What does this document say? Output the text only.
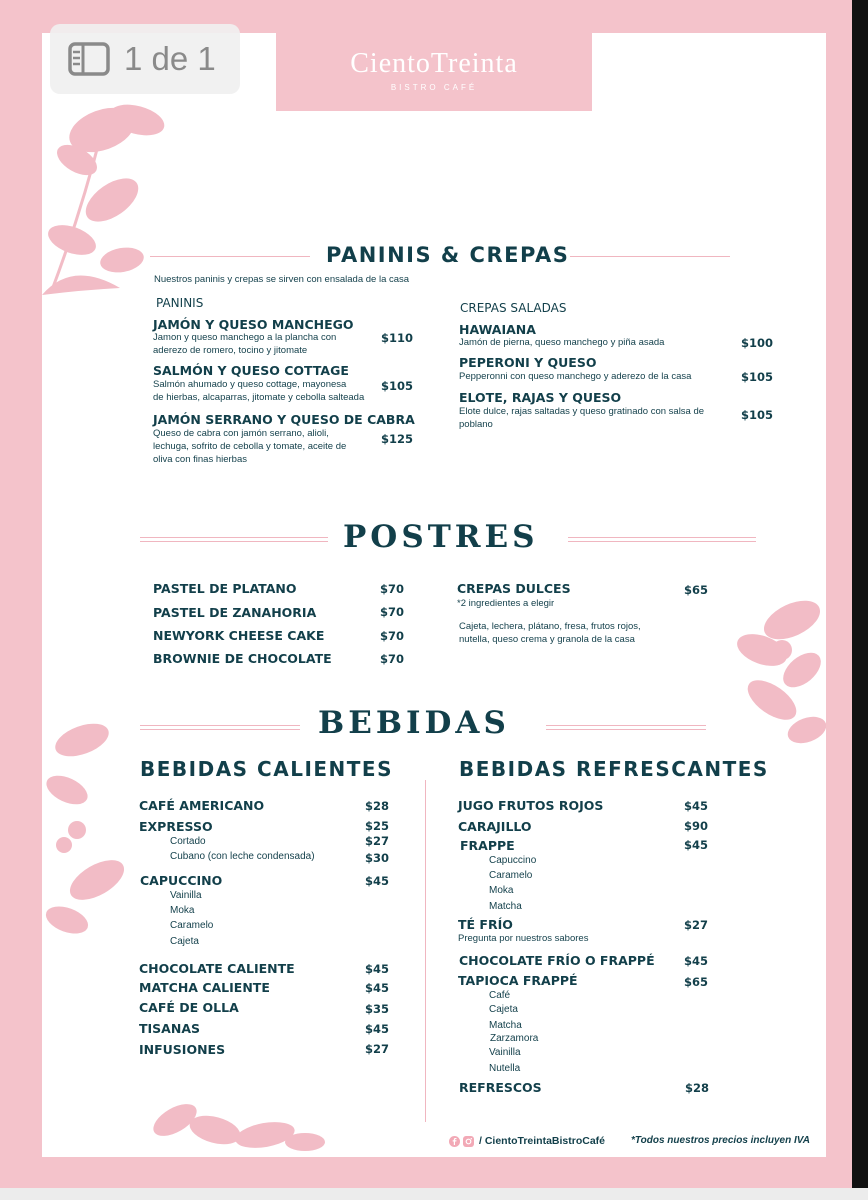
1 de 1	CientoTreinta
BISTRO CAFÉ
PANINIS & CREPAS
Nuestros paninis y crepas se sirven con ensalada de la casa
PANINIS
JAMÓN Y QUESO MANCHEGO
Jamon y queso manchego a la plancha con
aderezo de romero, tocino y jitomate
$110
SALMÓN Y QUESO COTTAGE
Salmón ahumado y queso cottage, mayonesa
de hierbas, alcaparras, jitomate y cebolla salteada
$105
JAMÓN SERRANO Y QUESO DE CABRA
Queso de cabra con jamón serrano, alioli,
lechuga, sofrito de cebolla y tomate, aceite de
oliva con finas hierbas
$125
CREPAS SALADAS
HAWAIANA
Jamón de pierna, queso manchego y piña asada	$100
PEPERONI Y QUESO
Pepperonni con queso manchego y aderezo de la casa	$105
ELOTE, RAJAS Y QUESO
Elote dulce, rajas saltadas y queso gratinado con salsa de
poblano
$105
POSTRES
PASTEL DE PLATANO	$70
PASTEL DE ZANAHORIA	$70
NEWYORK CHEESE CAKE	$70
BROWNIE DE CHOCOLATE	$70
CREPAS DULCES	$65
*2 ingredientes a elegir
Cajeta, lechera, plátano, fresa, frutos rojos,
nutella, queso crema y granola de la casa
BEBIDAS
BEBIDAS CALIENTES	BEBIDAS REFRESCANTES
CAFÉ AMERICANO	$28
EXPRESSO	$25
Cortado	$27
Cubano (con leche condensada)	$30
CAPUCCINO	$45
Vainilla
Moka
Caramelo
Cajeta
CHOCOLATE CALIENTE	$45
MATCHA CALIENTE	$45
CAFÉ DE OLLA	$35
TISANAS	$45
INFUSIONES	$27
JUGO FRUTOS ROJOS	$45
CARAJILLO	$90
FRAPPE	$45
Capuccino
Caramelo
Moka
Matcha
TÉ FRÍO	$27
Pregunta por nuestros sabores
CHOCOLATE FRÍO O FRAPPÉ	$45
TAPIOCA FRAPPÉ	$65
Café
Cajeta
Matcha
Zarzamora
Vainilla
Nutella
REFRESCOS	$28
/ CientoTreintaBistroCafé	*Todos nuestros precios incluyen IVA
